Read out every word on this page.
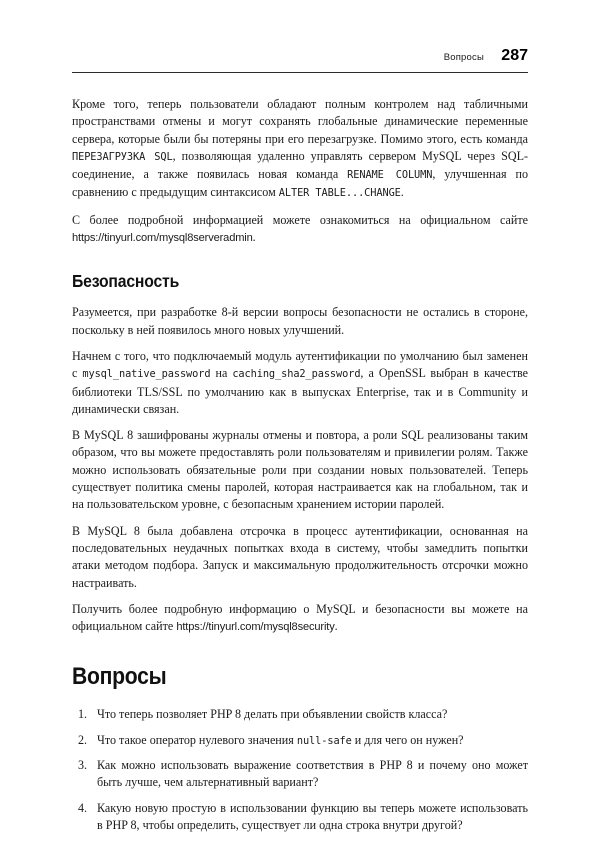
Вопросы 287

Кроме того, теперь пользователи обладают полным контролем над табличными пространствами отмены и могут сохранять глобальные динамические переменные сервера, которые были бы потеряны при его перезагрузке. Помимо этого, есть команда ПЕРЕЗАГРУЗКА SQL, позволяющая удаленно управлять сервером MySQL через SQL-соединение, а также появилась новая команда RENAME COLUMN, улучшенная по сравнению с предыдущим синтаксисом ALTER TABLE...CHANGE.

С более подробной информацией можете ознакомиться на официальном сайте https://tinyurl.com/mysql8serveradmin.

Безопасность

Разумеется, при разработке 8-й версии вопросы безопасности не остались в стороне, поскольку в ней появилось много новых улучшений.

Начнем с того, что подключаемый модуль аутентификации по умолчанию был заменен с mysql_native_password на caching_sha2_password, а OpenSSL выбран в качестве библиотеки TLS/SSL по умолчанию как в выпусках Enterprise, так и в Community и динамически связан.

В MySQL 8 зашифрованы журналы отмены и повтора, а роли SQL реализованы таким образом, что вы можете предоставлять роли пользователям и привилегии ролям. Также можно использовать обязательные роли при создании новых пользователей. Теперь существует политика смены паролей, которая настраивается как на глобальном, так и на пользовательском уровне, с безопасным хранением истории паролей.

В MySQL 8 была добавлена отсрочка в процесс аутентификации, основанная на последовательных неудачных попытках входа в систему, чтобы замедлить попытки атаки методом подбора. Запуск и максимальную продолжительность отсрочки можно настраивать.

Получить более подробную информацию о MySQL и безопасности вы можете на официальном сайте https://tinyurl.com/mysql8security.

Вопросы
Что теперь позволяет PHP 8 делать при объявлении свойств класса?
Что такое оператор нулевого значения null-safe и для чего он нужен?
Как можно использовать выражение соответствия в PHP 8 и почему оно может быть лучше, чем альтернативный вариант?
Какую новую простую в использовании функцию вы теперь можете использовать в PHP 8, чтобы определить, существует ли одна строка внутри другой?
